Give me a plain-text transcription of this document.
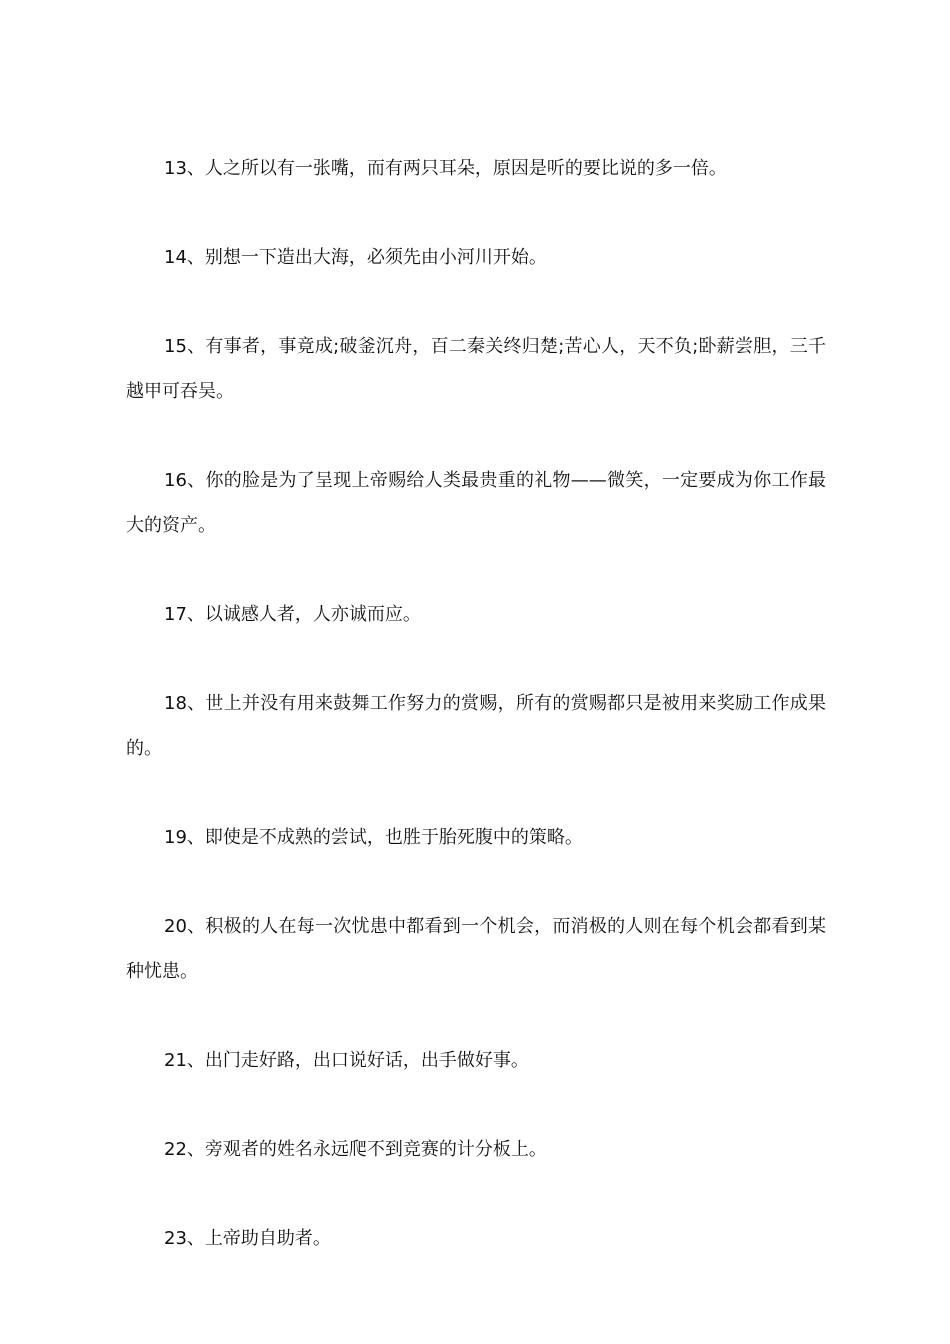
13、人之所以有一张嘴，而有两只耳朵，原因是听的要比说的多一倍。

14、别想一下造出大海，必须先由小河川开始。

15、有事者，事竟成;破釜沉舟，百二秦关终归楚;苦心人，天不负;卧薪尝胆，三千越甲可吞吴。

16、你的脸是为了呈现上帝赐给人类最贵重的礼物——微笑，一定要成为你工作最大的资产。

17、以诚感人者，人亦诚而应。

18、世上并没有用来鼓舞工作努力的赏赐，所有的赏赐都只是被用来奖励工作成果的。

19、即使是不成熟的尝试，也胜于胎死腹中的策略。

20、积极的人在每一次忧患中都看到一个机会，而消极的人则在每个机会都看到某种忧患。

21、出门走好路，出口说好话，出手做好事。

22、旁观者的姓名永远爬不到竞赛的计分板上。

23、上帝助自助者。
